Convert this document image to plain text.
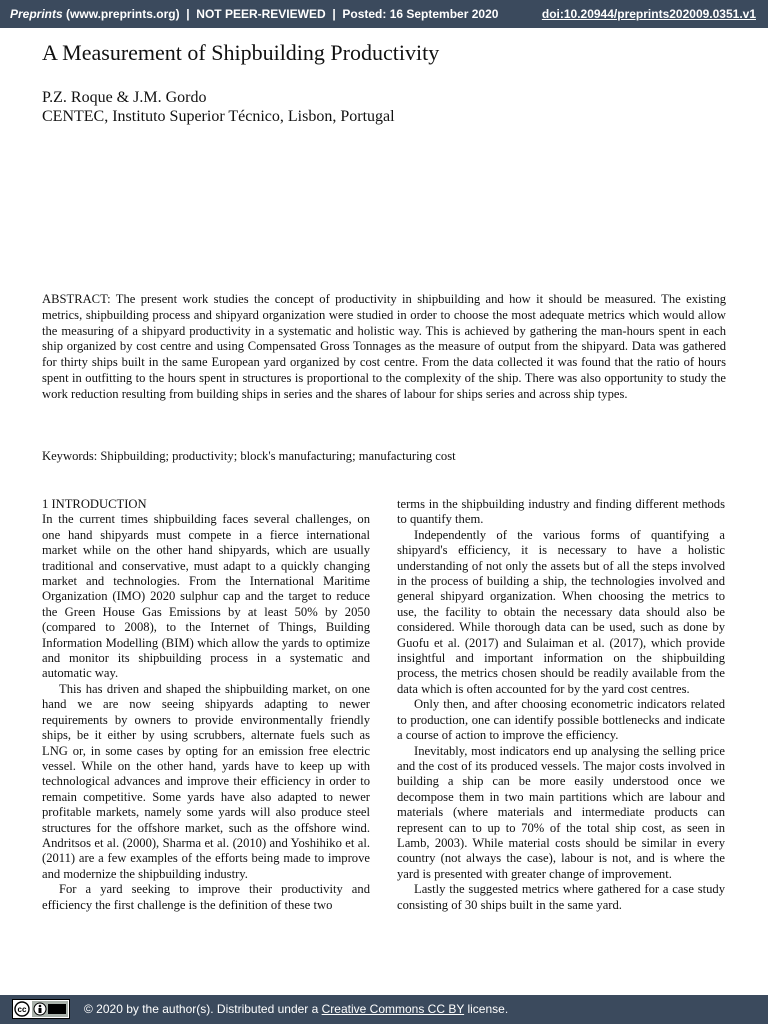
Preprints (www.preprints.org) | NOT PEER-REVIEWED | Posted: 16 September 2020	doi:10.20944/preprints202009.0351.v1
A Measurement of Shipbuilding Productivity
P.Z. Roque & J.M. Gordo
CENTEC, Instituto Superior Técnico, Lisbon, Portugal

ABSTRACT: The present work studies the concept of productivity in shipbuilding and how it should be measured. The existing metrics, shipbuilding process and shipyard organization were studied in order to choose the most adequate metrics which would allow the measuring of a shipyard productivity in a systematic and holistic way. This is achieved by gathering the man-hours spent in each ship organized by cost centre and using Compensated Gross Tonnages as the measure of output from the shipyard. Data was gathered for thirty ships built in the same European yard organized by cost centre. From the data collected it was found that the ratio of hours spent in outfitting to the hours spent in structures is proportional to the complexity of the ship. There was also opportunity to study the work reduction resulting from building ships in series and the shares of labour for ships series and across ship types.

Keywords: Shipbuilding; productivity; block's manufacturing; manufacturing cost
1 INTRODUCTION

In the current times shipbuilding faces several challenges, on one hand shipyards must compete in a fierce international market while on the other hand shipyards, which are usually traditional and conservative, must adapt to a quickly changing market and technologies. From the International Maritime Organization (IMO) 2020 sulphur cap and the target to reduce the Green House Gas Emissions by at least 50% by 2050 (compared to 2008), to the Internet of Things, Building Information Modelling (BIM) which allow the yards to optimize and monitor its shipbuilding process in a systematic and automatic way.

This has driven and shaped the shipbuilding market, on one hand we are now seeing shipyards adapting to newer requirements by owners to provide environmentally friendly ships, be it either by using scrubbers, alternate fuels such as LNG or, in some cases by opting for an emission free electric vessel. While on the other hand, yards have to keep up with technological advances and improve their efficiency in order to remain competitive. Some yards have also adapted to newer profitable markets, namely some yards will also produce steel structures for the offshore market, such as the offshore wind. Andritsos et al. (2000), Sharma et al. (2010) and Yoshihiko et al. (2011) are a few examples of the efforts being made to improve and modernize the shipbuilding industry.

For a yard seeking to improve their productivity and efficiency the first challenge is the definition of these two

terms in the shipbuilding industry and finding different methods to quantify them.

Independently of the various forms of quantifying a shipyard's efficiency, it is necessary to have a holistic understanding of not only the assets but of all the steps involved in the process of building a ship, the technologies involved and general shipyard organization. When choosing the metrics to use, the facility to obtain the necessary data should also be considered. While thorough data can be used, such as done by Guofu et al. (2017) and Sulaiman et al. (2017), which provide insightful and important information on the shipbuilding process, the metrics chosen should be readily available from the data which is often accounted for by the yard cost centres.

Only then, and after choosing econometric indicators related to production, one can identify possible bottlenecks and indicate a course of action to improve the efficiency.

Inevitably, most indicators end up analysing the selling price and the cost of its produced vessels. The major costs involved in building a ship can be more easily understood once we decompose them in two main partitions which are labour and materials (where materials and intermediate products can represent can to up to 70% of the total ship cost, as seen in Lamb, 2003). While material costs should be similar in every country (not always the case), labour is not, and is where the yard is presented with greater change of improvement.

Lastly the suggested metrics where gathered for a case study consisting of 30 ships built in the same yard.

cc	© 2020 by the author(s). Distributed under a Creative Commons CC BY license.
